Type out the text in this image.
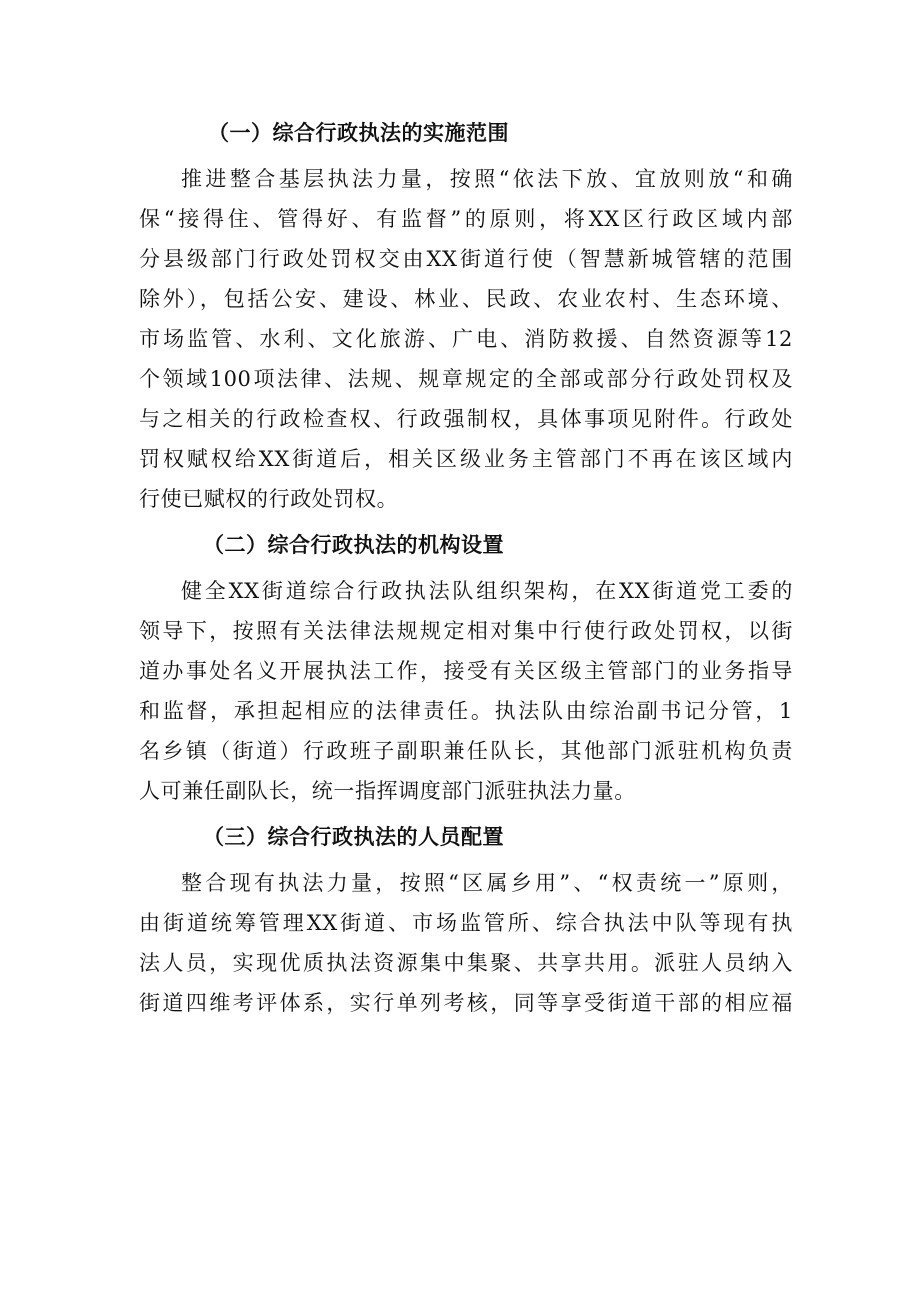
（一）综合行政执法的实施范围

推进整合基层执法力量，按照“依法下放、宜放则放“和确
保“接得住、管得好、有监督”的原则，将XX区行政区域内部
分县级部门行政处罚权交由XX街道行使（智慧新城管辖的范围
除外），包括公安、建设、林业、民政、农业农村、生态环境、
市场监管、水利、文化旅游、广电、消防救援、自然资源等12
个领域100项法律、法规、规章规定的全部或部分行政处罚权及
与之相关的行政检查权、行政强制权，具体事项见附件。行政处
罚权赋权给XX街道后，相关区级业务主管部门不再在该区域内
行使已赋权的行政处罚权。

（二）综合行政执法的机构设置

健全XX街道综合行政执法队组织架构，在XX街道党工委的
领导下，按照有关法律法规规定相对集中行使行政处罚权，以街
道办事处名义开展执法工作，接受有关区级主管部门的业务指导
和监督，承担起相应的法律责任。执法队由综治副书记分管，1
名乡镇（街道）行政班子副职兼任队长，其他部门派驻机构负责
人可兼任副队长，统一指挥调度部门派驻执法力量。

（三）综合行政执法的人员配置

整合现有执法力量，按照“区属乡用”、“权责统一”原则，
由街道统筹管理XX街道、市场监管所、综合执法中队等现有执
法人员，实现优质执法资源集中集聚、共享共用。派驻人员纳入
街道四维考评体系，实行单列考核，同等享受街道干部的相应福
